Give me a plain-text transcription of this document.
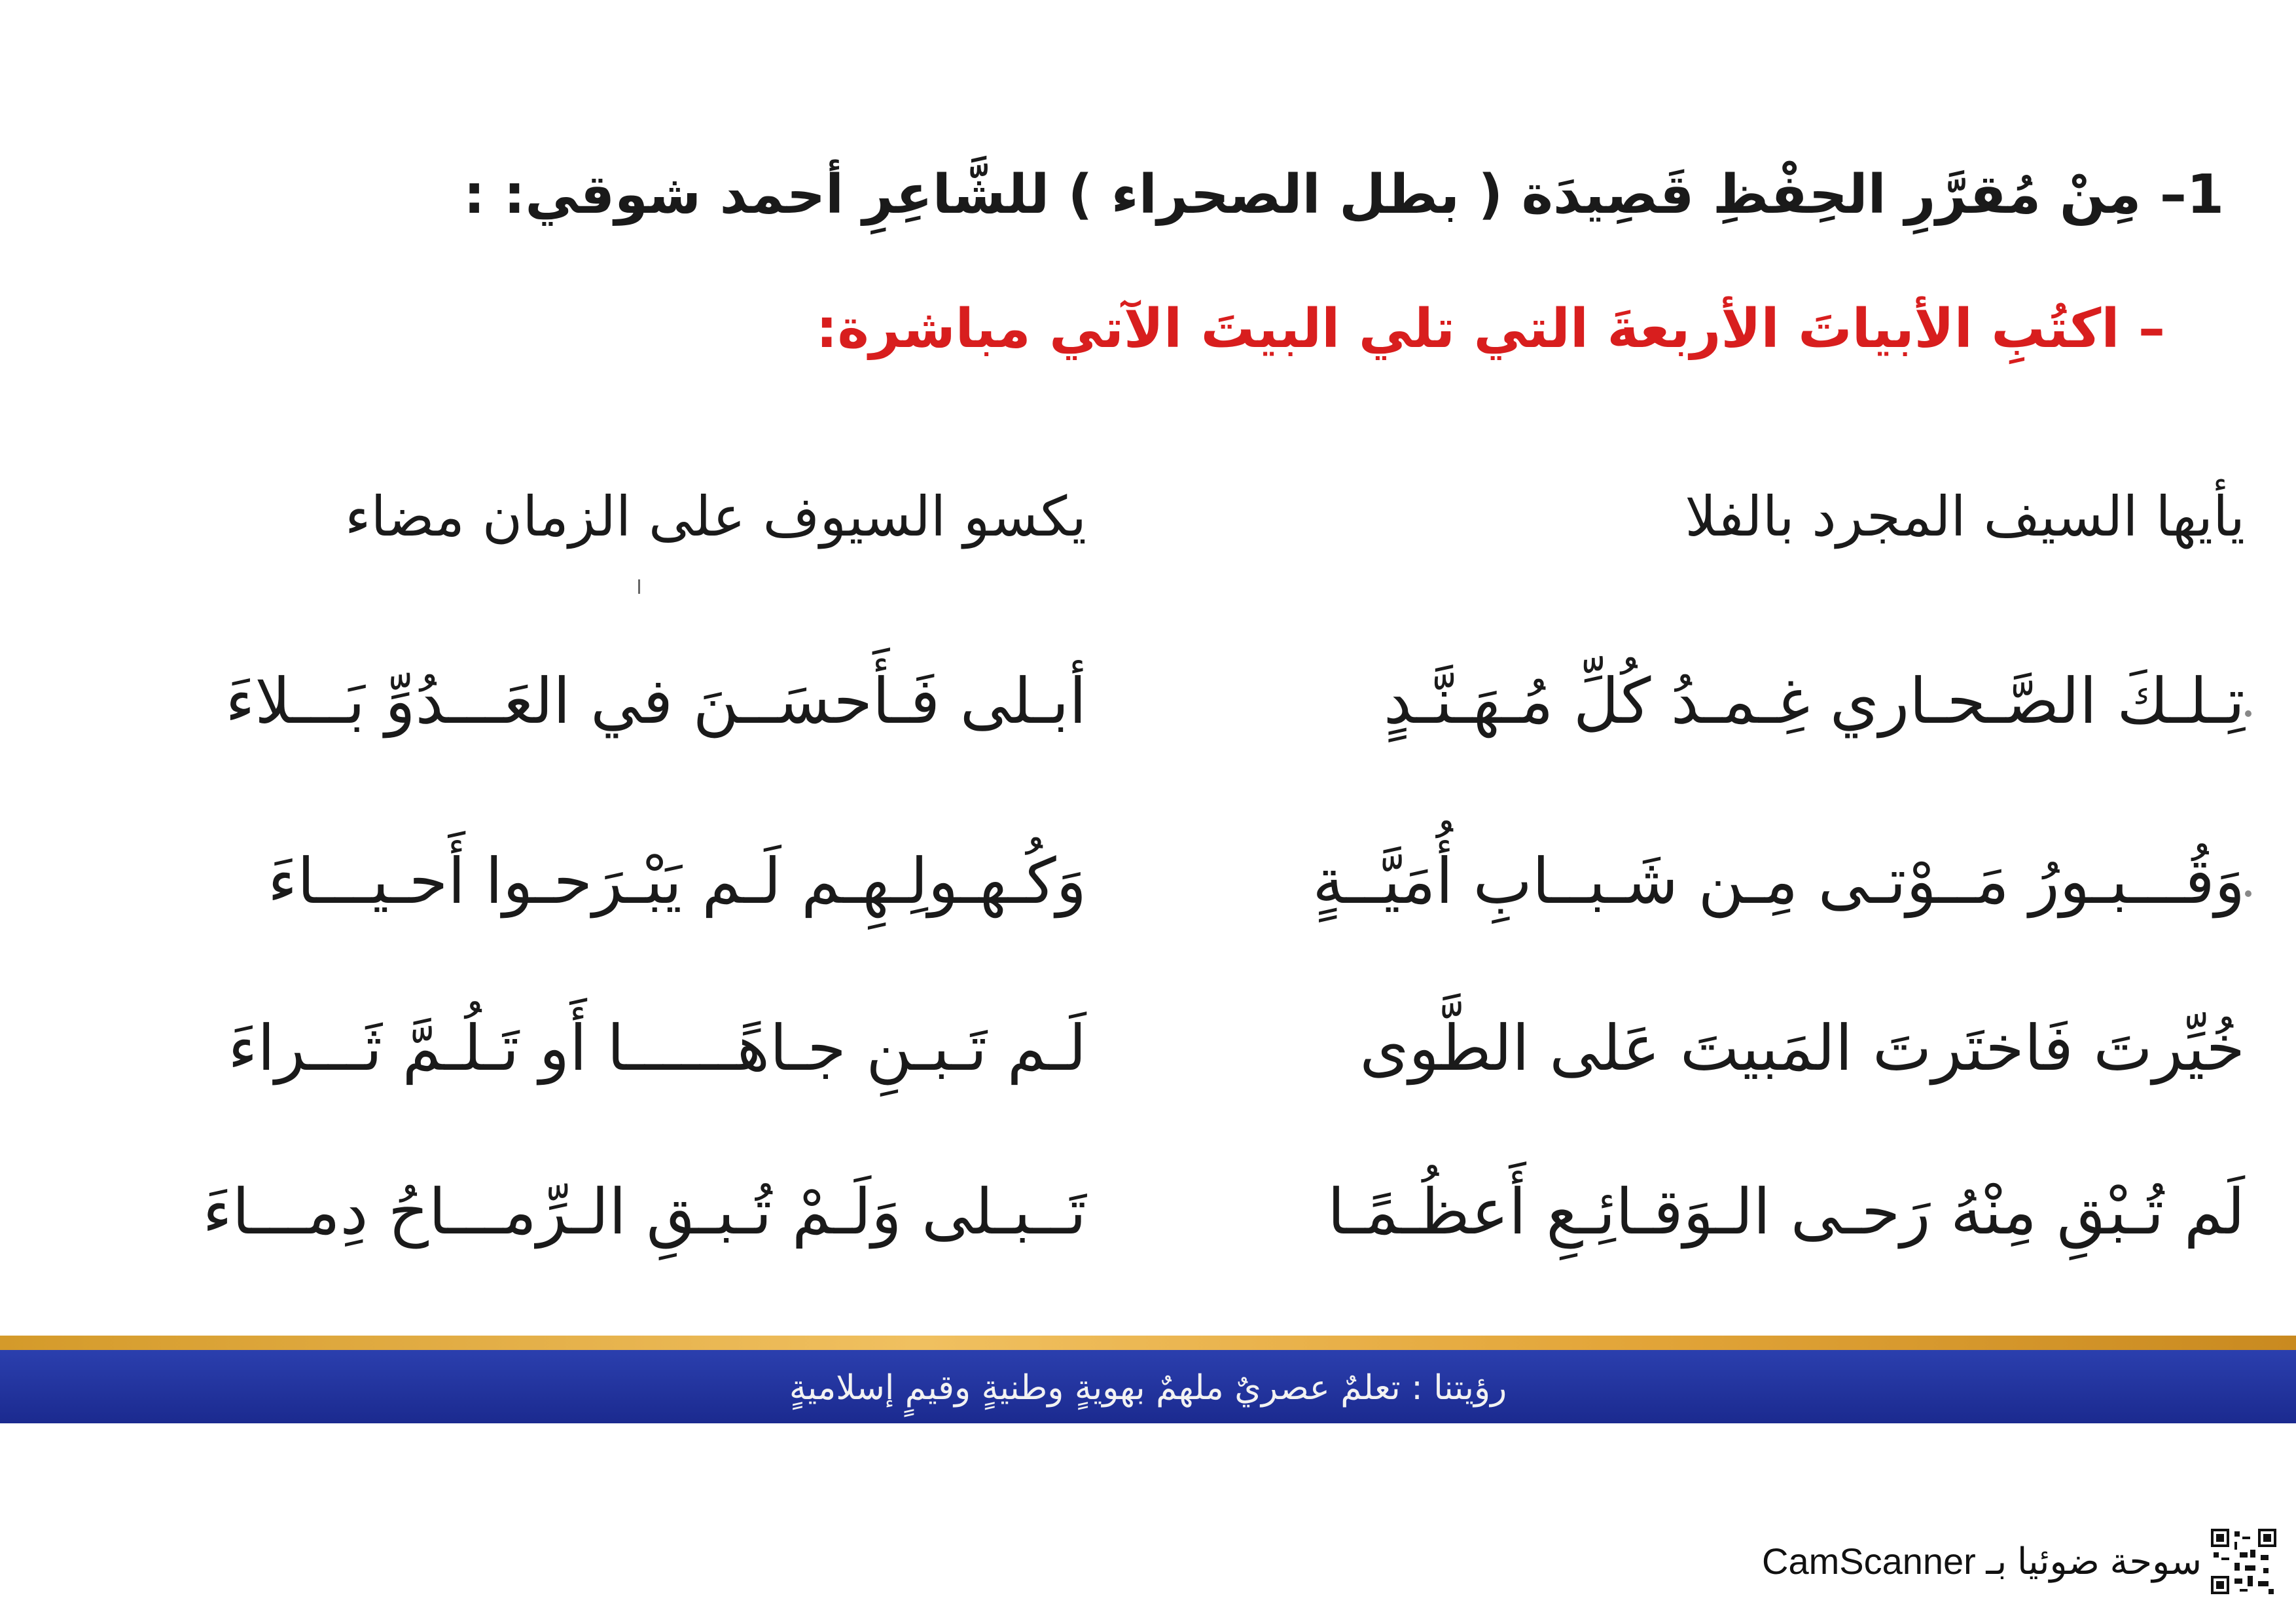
1– مِنْ مُقرَّرِ الحِفْظِ قَصِيدَة ( بطل الصحراء ) للشَّاعِرِ أحمد شوقي: :
– اكتُبِ الأبياتَ الأربعةَ التي تلي البيتَ الآتي مباشرة:
يأيها السيف المجرد بالفلا
يكسو السيوف على الزمان مضاء
تِـلـكَ الصَّـحـاري غِـمـدُ كُلِّ مُـهَـنَّـدٍ
أبـلى فَـأَحسَــنَ في العَـــدُوِّ بَـــلاءَ
وَقُـــبـورُ مَــوْتـى مِـن شَـبــابِ أُمَيَّــةٍ
وَكُـهـولِـهِـم لَـم يَبْـرَحـوا أَحـيـــاءَ
خُيِّرتَ فَاختَرتَ المَبيتَ عَلى الطَّوى
لَـم تَـبـنِ جـاهًــــــا أَو تَـلُـمَّ ثَـــراءَ
لَم تُـبْقِ مِنْهُ رَحـى الـوَقـائِـعِ أَعظُـمًـا
تَــبـلى وَلَـمْ تُـبـقِ الـرِّمـــاحُ دِمـــاءَ
رؤيتنا : تعلمٌ عصريٌ ملهمٌ بهويةٍ وطنيةٍ وقيمٍ إسلاميةٍ
سوحة ضوئيا بـ CamScanner
